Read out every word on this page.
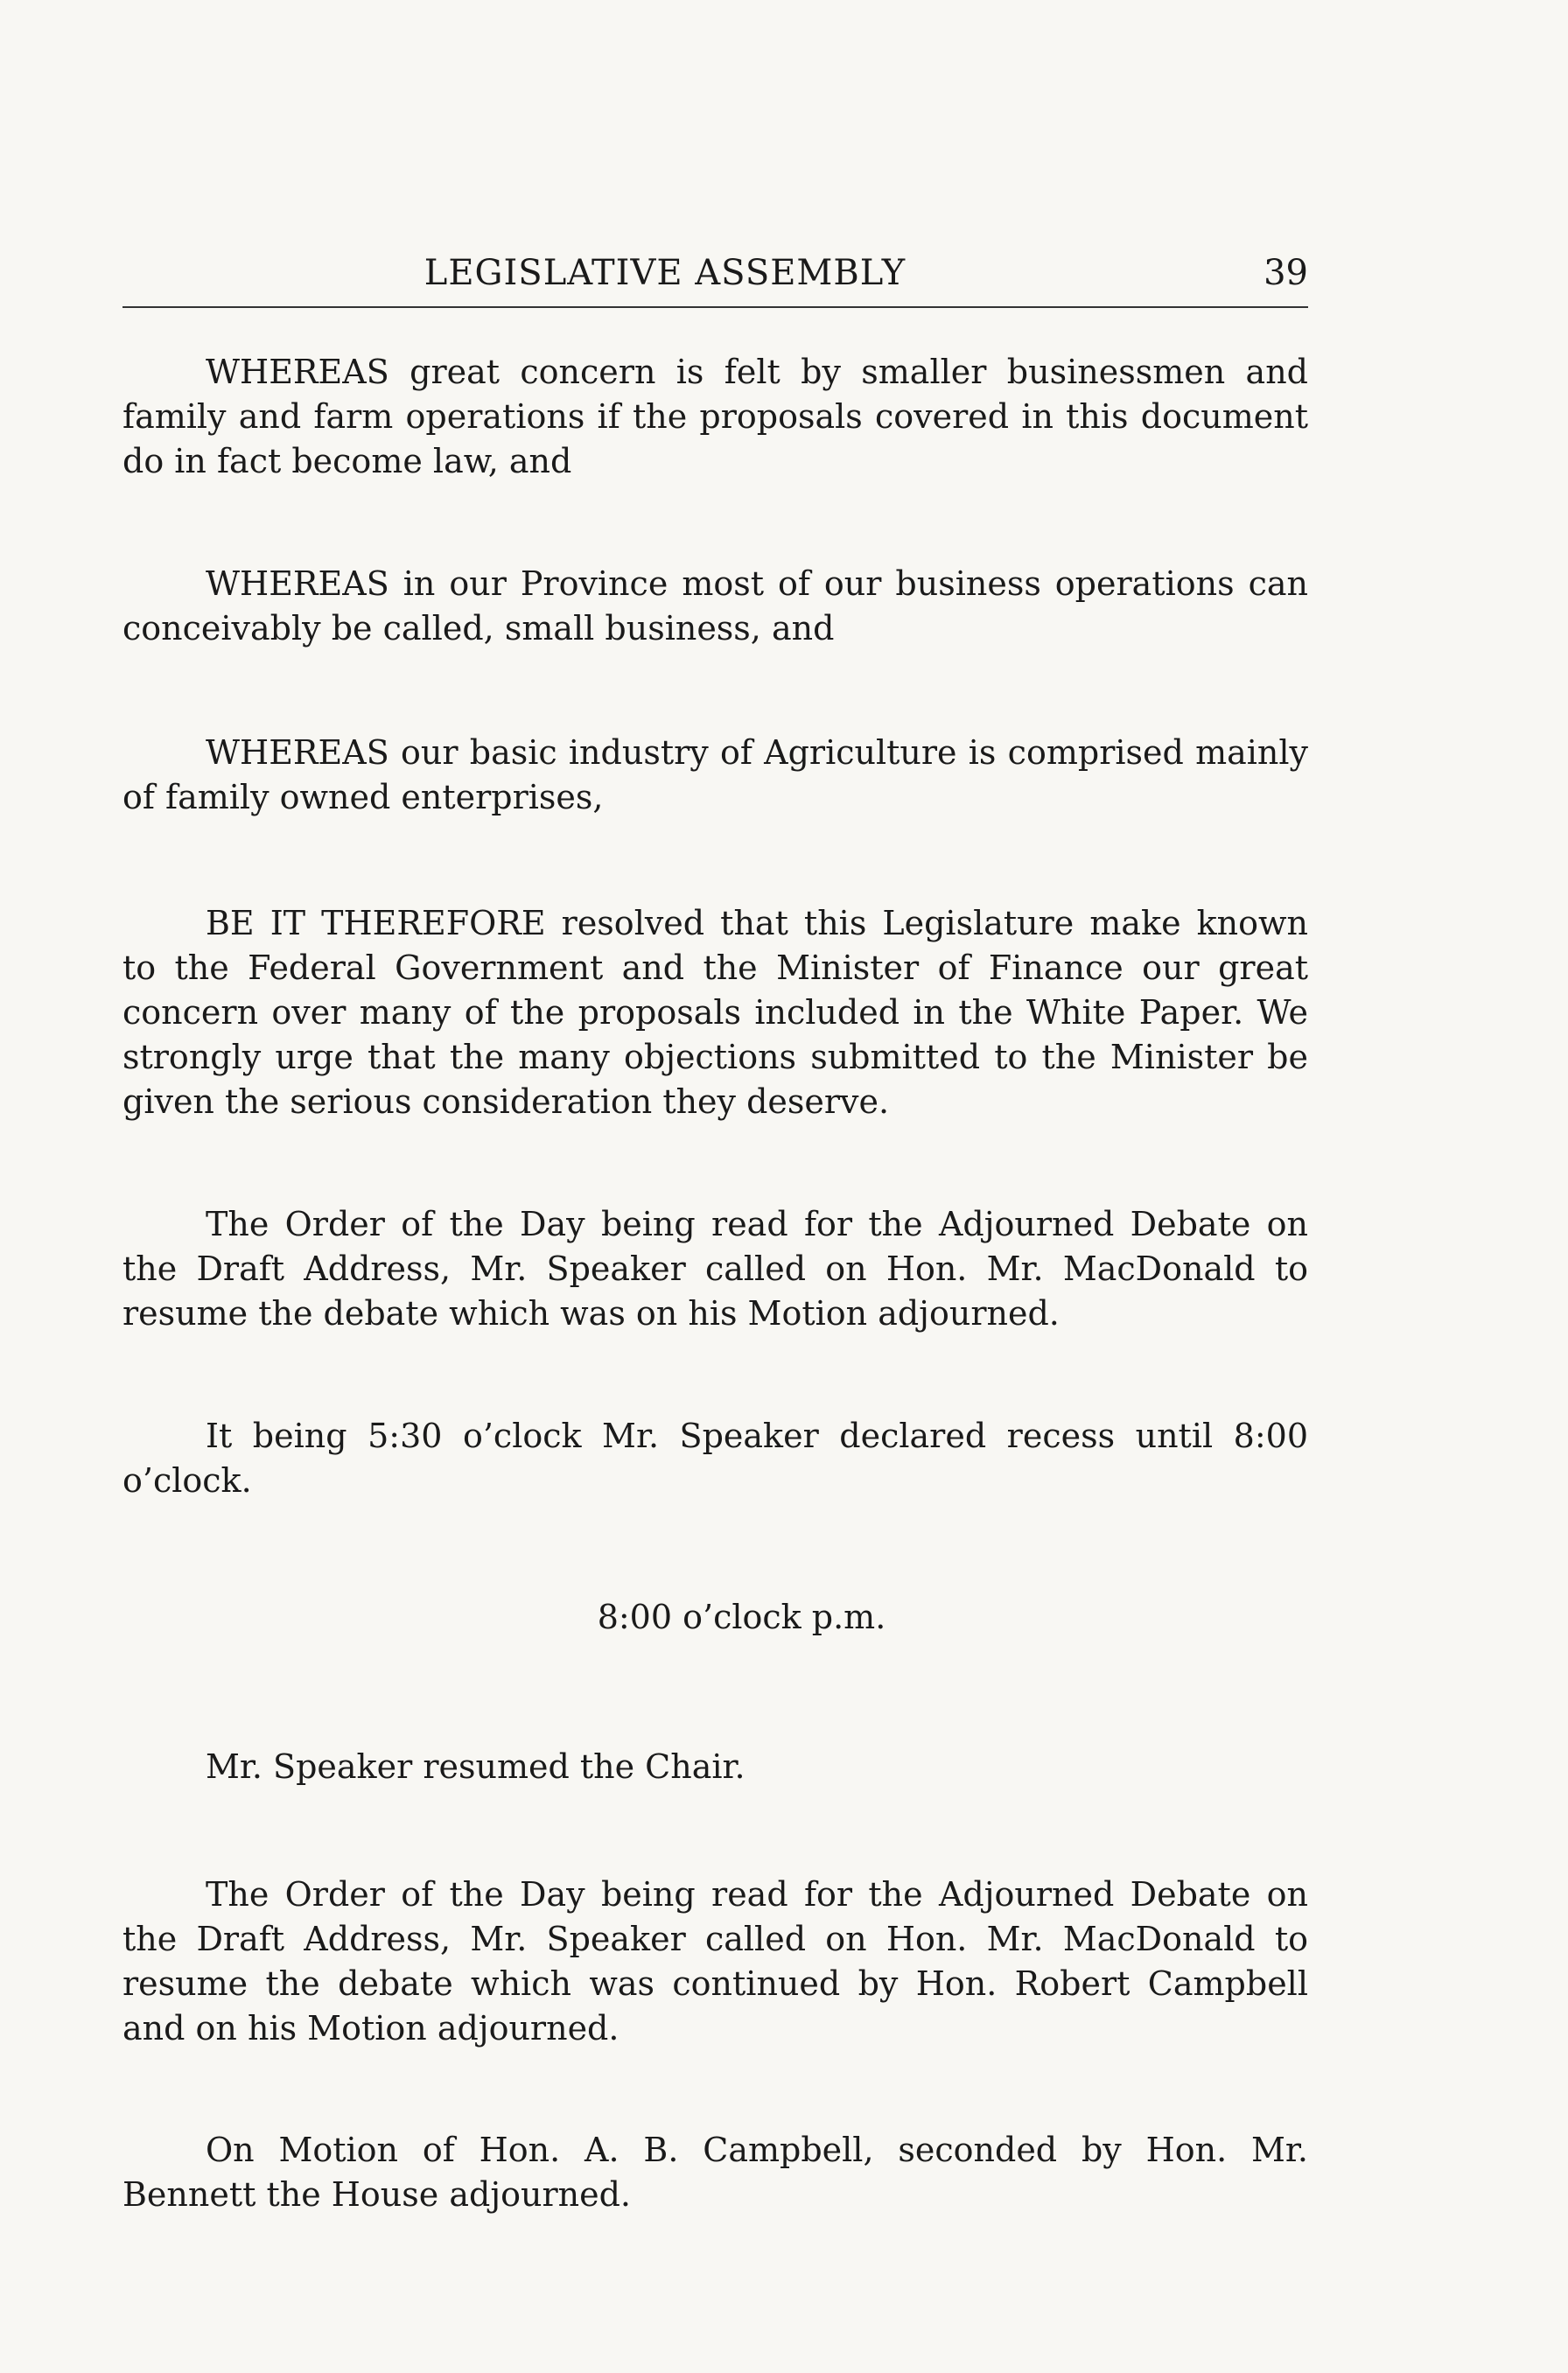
LEGISLATIVE ASSEMBLY	39

WHEREAS great concern is felt by smaller businessmen and family and farm operations if the proposals covered in this document do in fact become law, and

WHEREAS in our Province most of our business operations can conceivably be called, small business, and

WHEREAS our basic industry of Agriculture is comprised mainly of family owned enterprises,

BE IT THEREFORE resolved that this Legislature make known to the Federal Government and the Minister of Finance our great concern over many of the proposals included in the White Paper. We strongly urge that the many objections submitted to the Minister be given the serious consideration they deserve.

The Order of the Day being read for the Adjourned Debate on the Draft Address, Mr. Speaker called on Hon. Mr. MacDonald to resume the debate which was on his Motion adjourned.

It being 5:30 o’clock Mr. Speaker declared recess until 8:00 o’clock.

8:00 o’clock p.m.

Mr. Speaker resumed the Chair.

The Order of the Day being read for the Adjourned Debate on the Draft Address, Mr. Speaker called on Hon. Mr. MacDonald to resume the debate which was continued by Hon. Robert Campbell and on his Motion adjourned.

On Motion of Hon. A. B. Campbell, seconded by Hon. Mr. Bennett the House adjourned.
